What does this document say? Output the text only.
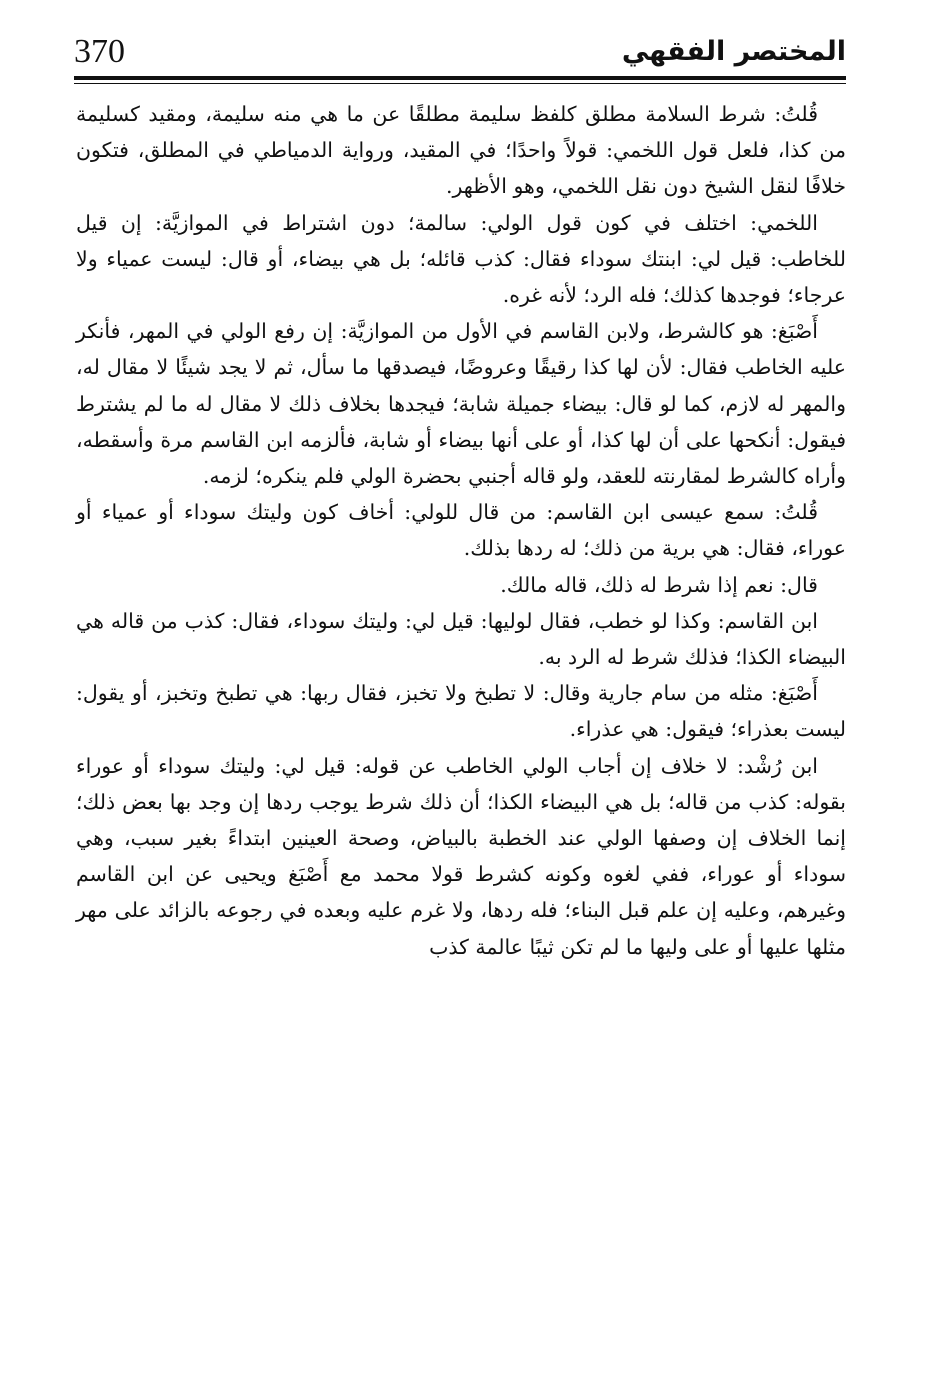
370	المختصر الفقهي

قُلتُ: شرط السلامة مطلق كلفظ سليمة مطلقًا عن ما هي منه سليمة، ومقيد كسليمة من كذا، فلعل قول اللخمي: قولاً واحدًا؛ في المقيد، ورواية الدمياطي في المطلق، فتكون خلافًا لنقل الشيخ دون نقل اللخمي، وهو الأظهر.

اللخمي: اختلف في كون قول الولي: سالمة؛ دون اشتراط في الموازيَّة: إن قيل للخاطب: قيل لي: ابنتك سوداء فقال: كذب قائله؛ بل هي بيضاء، أو قال: ليست عمياء ولا عرجاء؛ فوجدها كذلك؛ فله الرد؛ لأنه غره.

أَصْبَغ: هو كالشرط، ولابن القاسم في الأول من الموازيَّة: إن رفع الولي في المهر، فأنكر عليه الخاطب فقال: لأن لها كذا رقيقًا وعروضًا، فيصدقها ما سأل، ثم لا يجد شيئًا لا مقال له، والمهر له لازم، كما لو قال: بيضاء جميلة شابة؛ فيجدها بخلاف ذلك لا مقال له ما لم يشترط فيقول: أنكحها على أن لها كذا، أو على أنها بيضاء أو شابة، فألزمه ابن القاسم مرة وأسقطه، وأراه كالشرط لمقارنته للعقد، ولو قاله أجنبي بحضرة الولي فلم ينكره؛ لزمه.

قُلتُ: سمع عيسى ابن القاسم: من قال للولي: أخاف كون وليتك سوداء أو عمياء أو عوراء، فقال: هي برية من ذلك؛ له ردها بذلك.

قال: نعم إذا شرط له ذلك، قاله مالك.

ابن القاسم: وكذا لو خطب، فقال لوليها: قيل لي: وليتك سوداء، فقال: كذب من قاله هي البيضاء الكذا؛ فذلك شرط له الرد به.

أَصْبَغ: مثله من سام جارية وقال: لا تطبخ ولا تخبز، فقال ربها: هي تطبخ وتخبز، أو يقول: ليست بعذراء؛ فيقول: هي عذراء.

ابن رُشْد: لا خلاف إن أجاب الولي الخاطب عن قوله: قيل لي: وليتك سوداء أو عوراء بقوله: كذب من قاله؛ بل هي البيضاء الكذا؛ أن ذلك شرط يوجب ردها إن وجد بها بعض ذلك؛ إنما الخلاف إن وصفها الولي عند الخطبة بالبياض، وصحة العينين ابتداءً بغير سبب، وهي سوداء أو عوراء، ففي لغوه وكونه كشرط قولا محمد مع أَصْبَغ ويحيى عن ابن القاسم وغيرهم، وعليه إن علم قبل البناء؛ فله ردها، ولا غرم عليه وبعده في رجوعه بالزائد على مهر مثلها عليها أو على وليها ما لم تكن ثيبًا عالمة كذب
